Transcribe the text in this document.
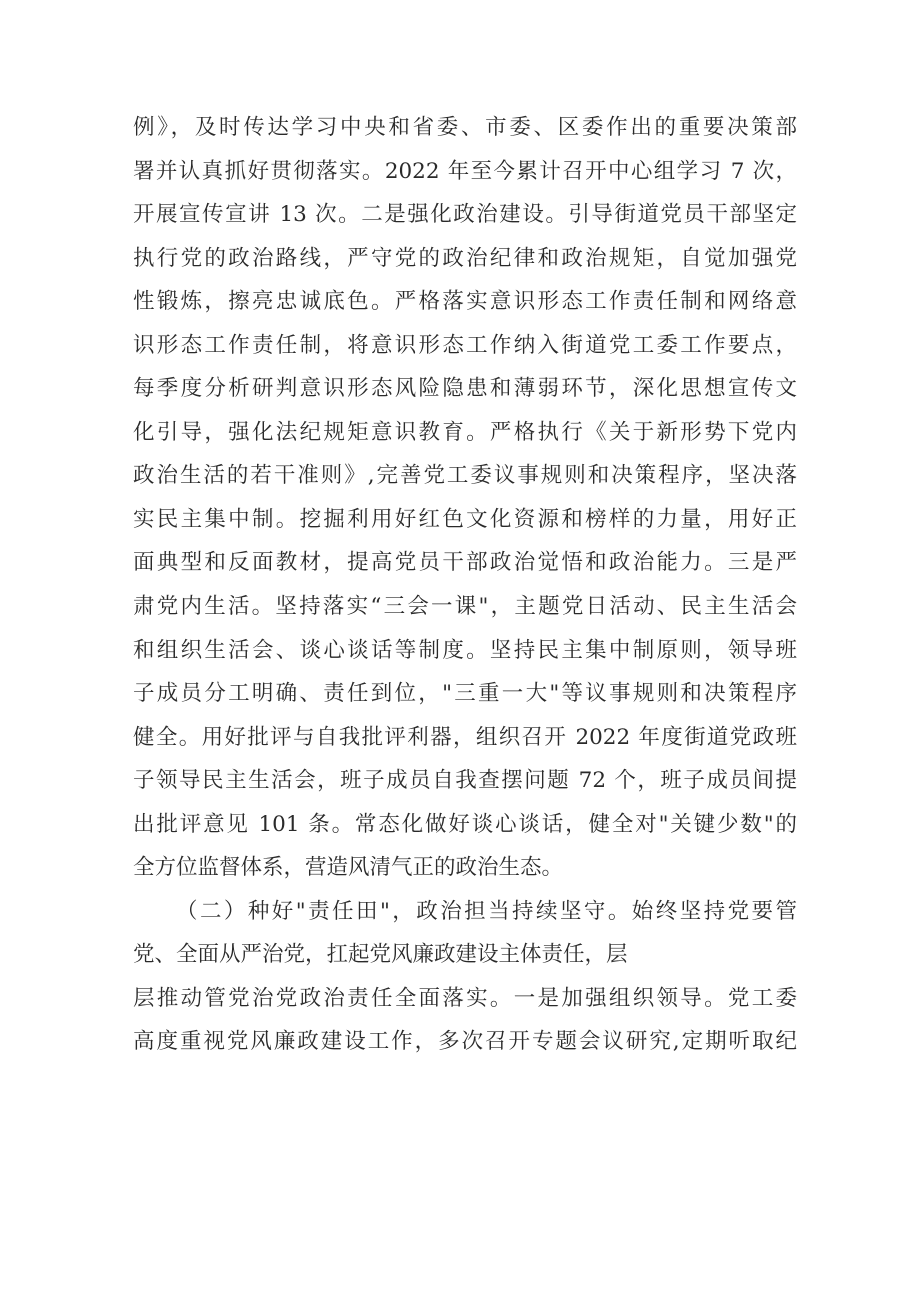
例》，及时传达学习中央和省委、市委、区委作出的重要决策部
署并认真抓好贯彻落实。2022 年至今累计召开中心组学习 7 次，
开展宣传宣讲 13 次。二是强化政治建设。引导街道党员干部坚定
执行党的政治路线，严守党的政治纪律和政治规矩，自觉加强党
性锻炼，擦亮忠诚底色。严格落实意识形态工作责任制和网络意
识形态工作责任制，将意识形态工作纳入街道党工委工作要点，
每季度分析研判意识形态风险隐患和薄弱环节，深化思想宣传文
化引导，强化法纪规矩意识教育。严格执行《关于新形势下党内
政治生活的若干准则》,完善党工委议事规则和决策程序，坚决落
实民主集中制。挖掘利用好红色文化资源和榜样的力量，用好正
面典型和反面教材，提高党员干部政治觉悟和政治能力。三是严
肃党内生活。坚持落实“三会一课"，主题党日活动、民主生活会
和组织生活会、谈心谈话等制度。坚持民主集中制原则，领导班
子成员分工明确、责任到位，"三重一大"等议事规则和决策程序
健全。用好批评与自我批评利器，组织召开 2022 年度街道党政班
子领导民主生活会，班子成员自我查摆问题 72 个，班子成员间提
出批评意见 101 条。常态化做好谈心谈话，健全对"关键少数"的
全方位监督体系，营造风清气正的政治生态。
（二）种好"责任田"，政治担当持续坚守。始终坚持党要管
党、全面从严治党，扛起党风廉政建设主体责任，层
层推动管党治党政治责任全面落实。一是加强组织领导。党工委
高度重视党风廉政建设工作，多次召开专题会议研究,定期听取纪
